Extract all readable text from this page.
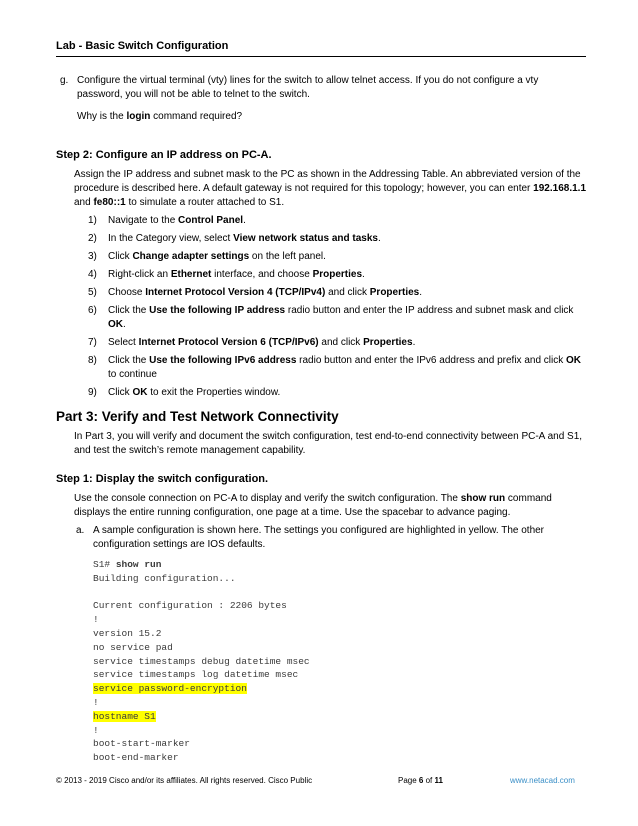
Lab - Basic Switch Configuration
g. Configure the virtual terminal (vty) lines for the switch to allow telnet access. If you do not configure a vty password, you will not be able to telnet to the switch.

Why is the login command required?

Step 2: Configure an IP address on PC-A.

Assign the IP address and subnet mask to the PC as shown in the Addressing Table. An abbreviated version of the procedure is described here. A default gateway is not required for this topology; however, you can enter 192.168.1.1 and fe80::1 to simulate a router attached to S1.

1) Navigate to the Control Panel.
2) In the Category view, select View network status and tasks.
3) Click Change adapter settings on the left panel.
4) Right-click an Ethernet interface, and choose Properties.
5) Choose Internet Protocol Version 4 (TCP/IPv4) and click Properties.
6) Click the Use the following IP address radio button and enter the IP address and subnet mask and click OK.
7) Select Internet Protocol Version 6 (TCP/IPv6) and click Properties.
8) Click the Use the following IPv6 address radio button and enter the IPv6 address and prefix and click OK to continue
9) Click OK to exit the Properties window.

Part 3: Verify and Test Network Connectivity

In Part 3, you will verify and document the switch configuration, test end-to-end connectivity between PC-A and S1, and test the switch’s remote management capability.

Step 1: Display the switch configuration.

Use the console connection on PC-A to display and verify the switch configuration. The show run command displays the entire running configuration, one page at a time. Use the spacebar to advance paging.

a. A sample configuration is shown here. The settings you configured are highlighted in yellow. The other configuration settings are IOS defaults.
S1# show run
Building configuration...
Current configuration : 2206 bytes
!
version 15.2
no service pad
service timestamps debug datetime msec
service timestamps log datetime msec
service password-encryption
!
hostname S1
!
boot-start-marker
boot-end-marker
© 2013 - 2019 Cisco and/or its affiliates. All rights reserved. Cisco Public	Page 6 of 11	www.netacad.com
